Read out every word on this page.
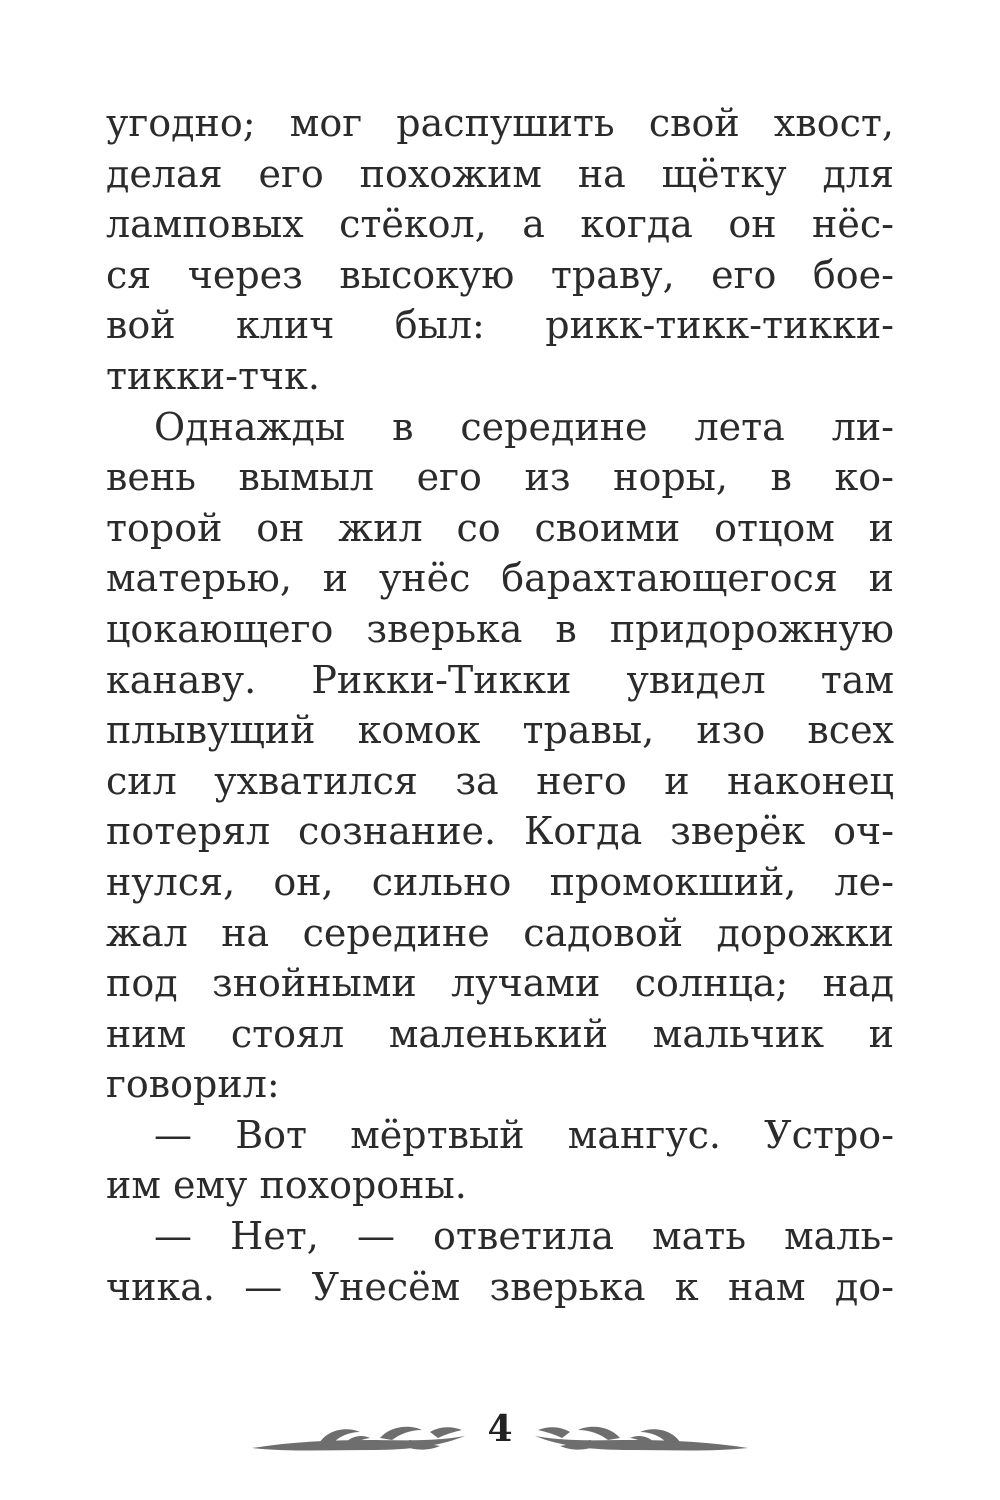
угодно; мог распушить свой хвост,
делая его похожим на щётку для
ламповых стёкол, а когда он нёс-
ся через высокую траву, его бое-
вой клич был: рикк-тикк-тикки-
тикки-тчк.
Однажды в середине лета ли-
вень вымыл его из норы, в ко-
торой он жил со своими отцом и
матерью, и унёс барахтающегося и
цокающего зверька в придорожную
канаву. Рикки-Тикки увидел там
плывущий комок травы, изо всех
сил ухватился за него и наконец
потерял сознание. Когда зверёк оч-
нулся, он, сильно промокший, ле-
жал на середине садовой дорожки
под знойными лучами солнца; над
ним стоял маленький мальчик и
говорил:
— Вот мёртвый мангус. Устро-
им ему похороны.
— Нет, — ответила мать маль-
чика. — Унесём зверька к нам до-
4
